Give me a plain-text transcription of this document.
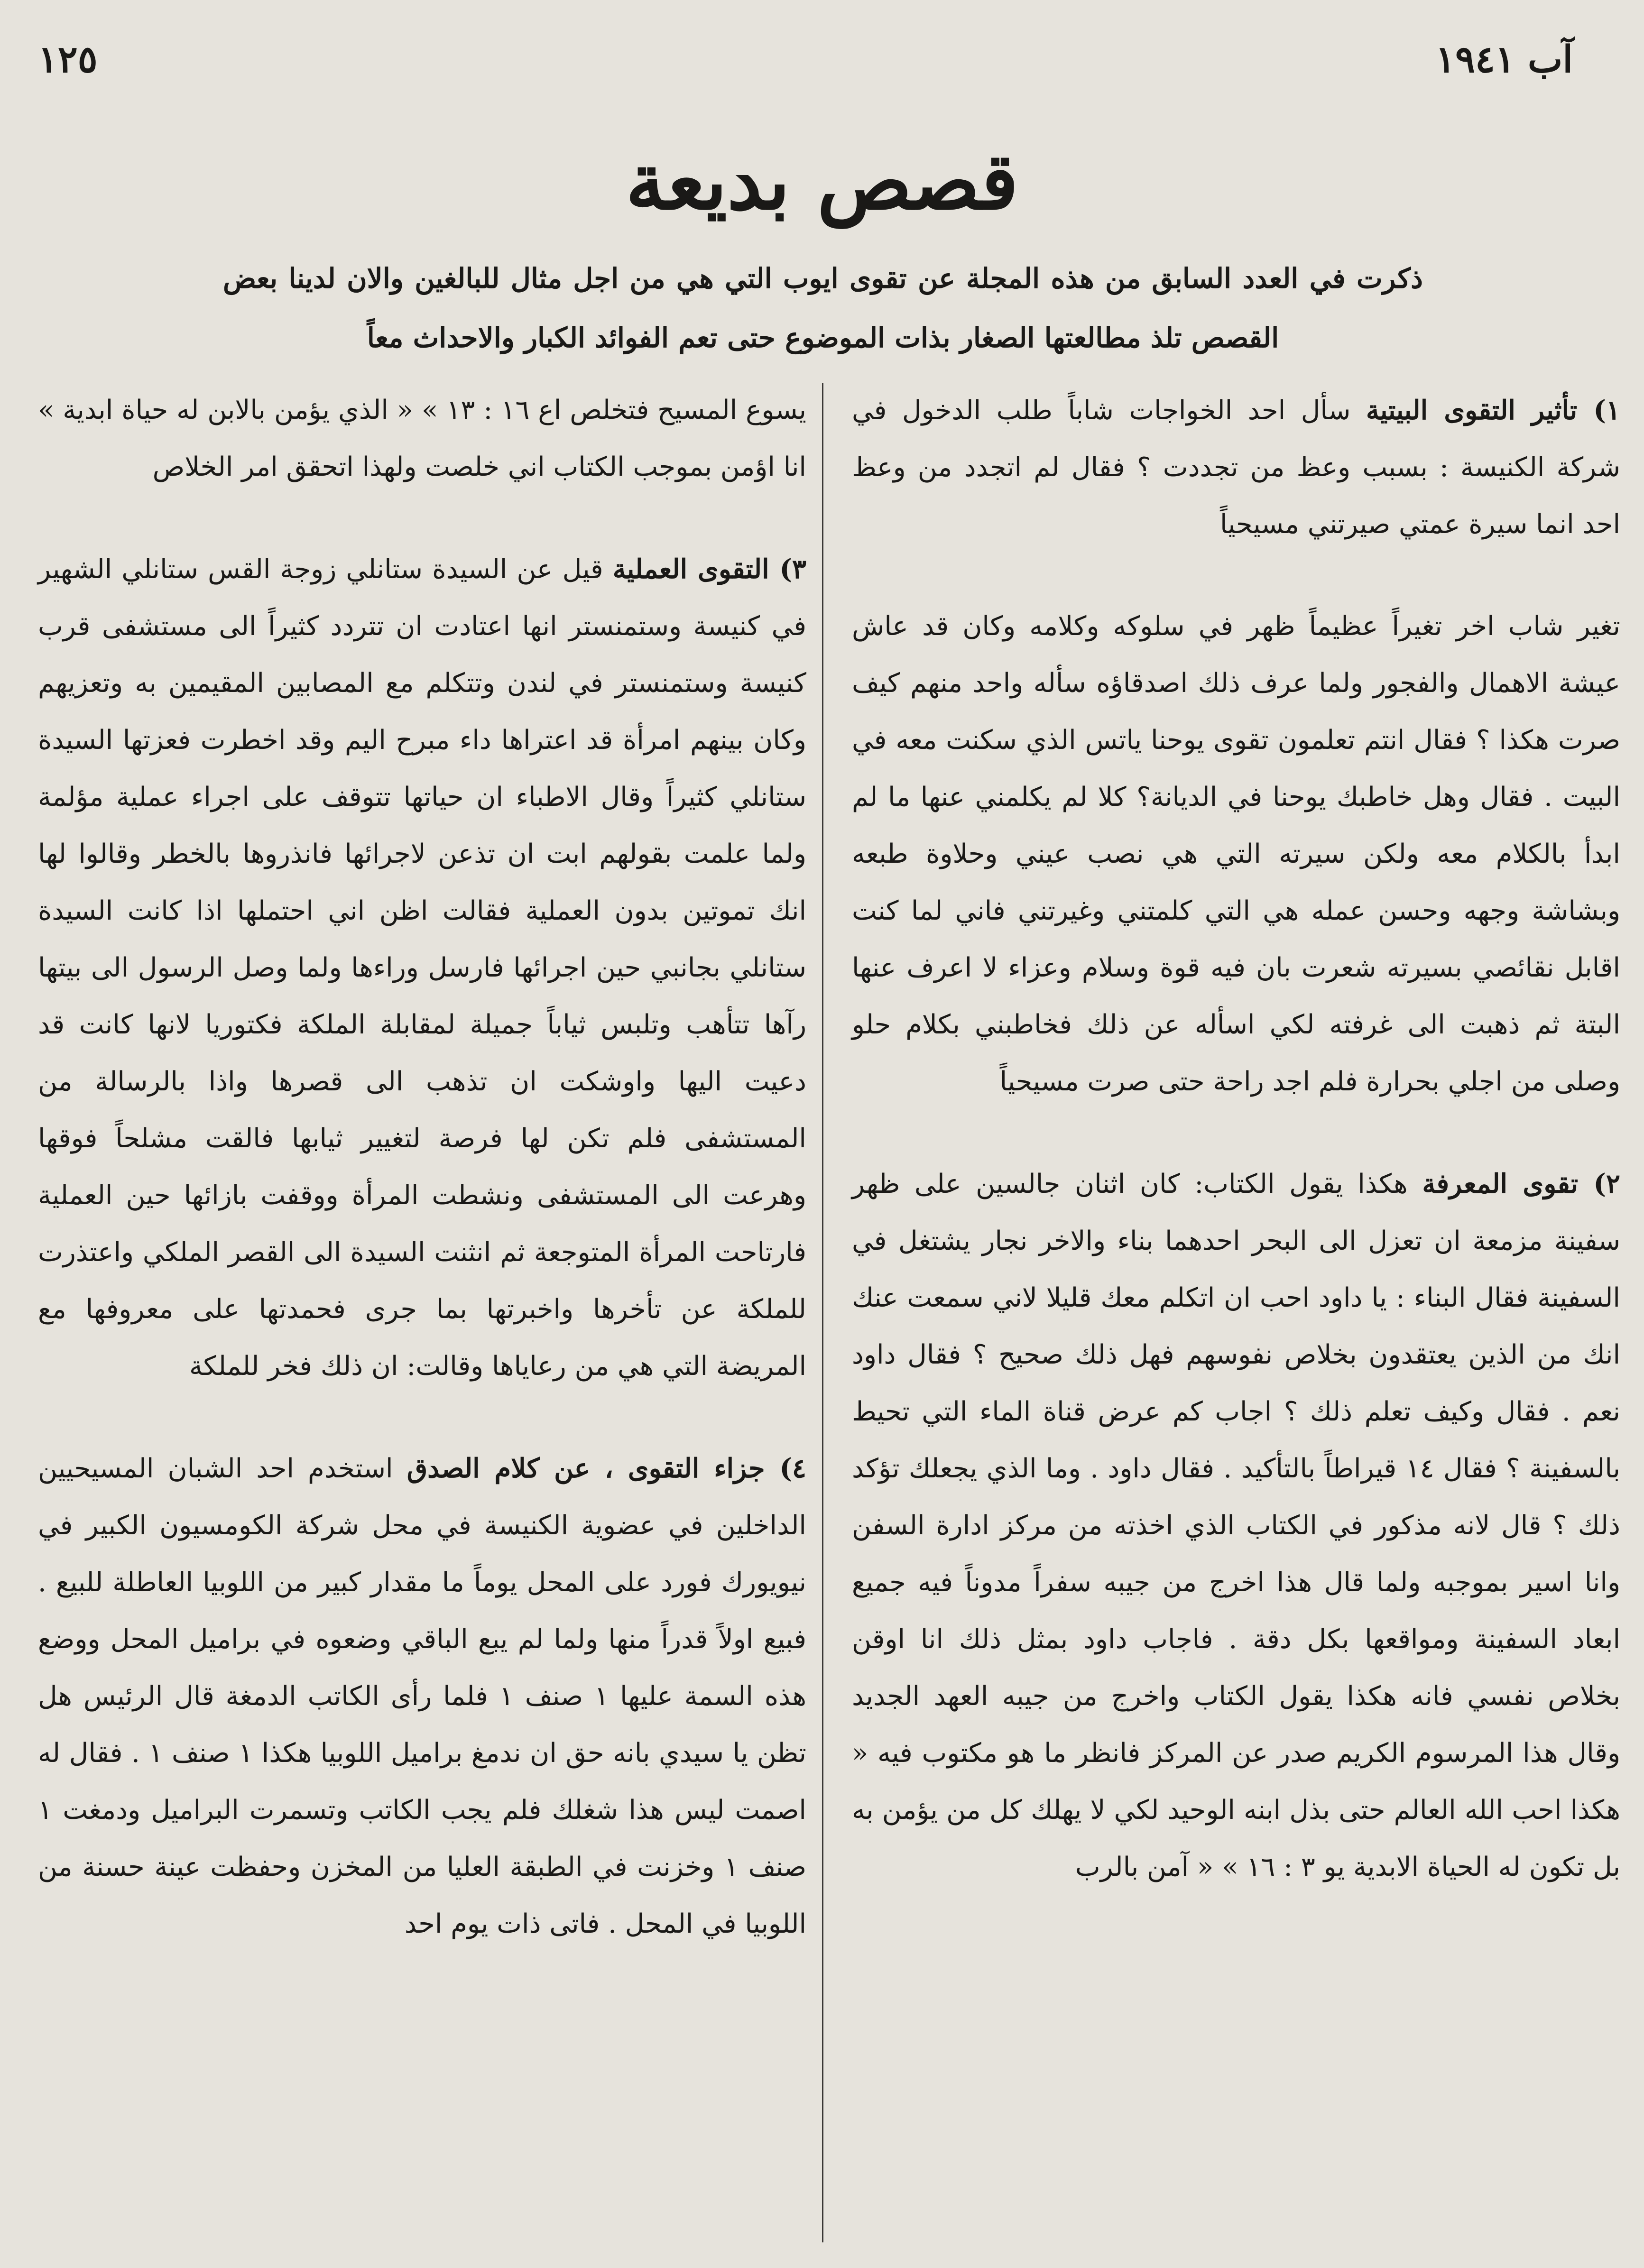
آب ١٩٤١
١٢٥
قصص بديعة
ذكرت في العدد السابق من هذه المجلة عن تقوى ايوب التي هي من اجل مثال للبالغين والان لدينا بعض القصص تلذ مطالعتها الصغار بذات الموضوع حتى تعم الفوائد الكبار والاحداث معاً

١) تأثير التقوى البيتية سأل احد الخواجات شاباً طلب الدخول في شركة الكنيسة : بسبب وعظ من تجددت ؟ فقال لم اتجدد من وعظ احد انما سيرة عمتي صيرتني مسيحياً

تغير شاب اخر تغيراً عظيماً ظهر في سلوكه وكلامه وكان قد عاش عيشة الاهمال والفجور ولما عرف ذلك اصدقاؤه سأله واحد منهم كيف صرت هكذا ؟ فقال انتم تعلمون تقوى يوحنا ياتس الذي سكنت معه في البيت . فقال وهل خاطبك يوحنا في الديانة؟ كلا لم يكلمني عنها ما لم ابدأ بالكلام معه ولكن سيرته التي هي نصب عيني وحلاوة طبعه وبشاشة وجهه وحسن عمله هي التي كلمتني وغيرتني فاني لما كنت اقابل نقائصي بسيرته شعرت بان فيه قوة وسلام وعزاء لا اعرف عنها البتة ثم ذهبت الى غرفته لكي اسأله عن ذلك فخاطبني بكلام حلو وصلى من اجلي بحرارة فلم اجد راحة حتى صرت مسيحياً

٢) تقوى المعرفة هكذا يقول الكتاب: كان اثنان جالسين على ظهر سفينة مزمعة ان تعزل الى البحر احدهما بناء والاخر نجار يشتغل في السفينة فقال البناء : يا داود احب ان اتكلم معك قليلا لاني سمعت عنك انك من الذين يعتقدون بخلاص نفوسهم فهل ذلك صحيح ؟ فقال داود نعم . فقال وكيف تعلم ذلك ؟ اجاب كم عرض قناة الماء التي تحيط بالسفينة ؟ فقال ١٤ قيراطاً بالتأكيد . فقال داود . وما الذي يجعلك تؤكد ذلك ؟ قال لانه مذكور في الكتاب الذي اخذته من مركز ادارة السفن وانا اسير بموجبه ولما قال هذا اخرج من جيبه سفراً مدوناً فيه جميع ابعاد السفينة ومواقعها بكل دقة . فاجاب داود بمثل ذلك انا اوقن بخلاص نفسي فانه هكذا يقول الكتاب واخرج من جيبه العهد الجديد وقال هذا المرسوم الكريم صدر عن المركز فانظر ما هو مكتوب فيه « هكذا احب الله العالم حتى بذل ابنه الوحيد لكي لا يهلك كل من يؤمن به بل تكون له الحياة الابدية يو ٣ : ١٦ » « آمن بالرب

يسوع المسيح فتخلص اع ١٦ : ١٣ » « الذي يؤمن بالابن له حياة ابدية » انا اؤمن بموجب الكتاب اني خلصت ولهذا اتحقق امر الخلاص

٣) التقوى العملية قيل عن السيدة ستانلي زوجة القس ستانلي الشهير في كنيسة وستمنستر انها اعتادت ان تتردد كثيراً الى مستشفى قرب كنيسة وستمنستر في لندن وتتكلم مع المصابين المقيمين به وتعزيهم وكان بينهم امرأة قد اعتراها داء مبرح اليم وقد اخطرت فعزتها السيدة ستانلي كثيراً وقال الاطباء ان حياتها تتوقف على اجراء عملية مؤلمة ولما علمت بقولهم ابت ان تذعن لاجرائها فانذروها بالخطر وقالوا لها انك تموتين بدون العملية فقالت اظن اني احتملها اذا كانت السيدة ستانلي بجانبي حين اجرائها فارسل وراءها ولما وصل الرسول الى بيتها رآها تتأهب وتلبس ثياباً جميلة لمقابلة الملكة فكتوريا لانها كانت قد دعيت اليها واوشكت ان تذهب الى قصرها واذا بالرسالة من المستشفى فلم تكن لها فرصة لتغيير ثيابها فالقت مشلحاً فوقها وهرعت الى المستشفى ونشطت المرأة ووقفت بازائها حين العملية فارتاحت المرأة المتوجعة ثم انثنت السيدة الى القصر الملكي واعتذرت للملكة عن تأخرها واخبرتها بما جرى فحمدتها على معروفها مع المريضة التي هي من رعاياها وقالت: ان ذلك فخر للملكة

٤) جزاء التقوى ، عن كلام الصدق استخدم احد الشبان المسيحيين الداخلين في عضوية الكنيسة في محل شركة الكومسيون الكبير في نيويورك فورد على المحل يوماً ما مقدار كبير من اللوبيا العاطلة للبيع . فبيع اولاً قدراً منها ولما لم يبع الباقي وضعوه في براميل المحل ووضع هذه السمة عليها ١ صنف ١ فلما رأى الكاتب الدمغة قال الرئيس هل تظن يا سيدي بانه حق ان ندمغ براميل اللوبيا هكذا ١ صنف ١ . فقال له اصمت ليس هذا شغلك فلم يجب الكاتب وتسمرت البراميل ودمغت ١ صنف ١ وخزنت في الطبقة العليا من المخزن وحفظت عينة حسنة من اللوبيا في المحل . فاتى ذات يوم احد
